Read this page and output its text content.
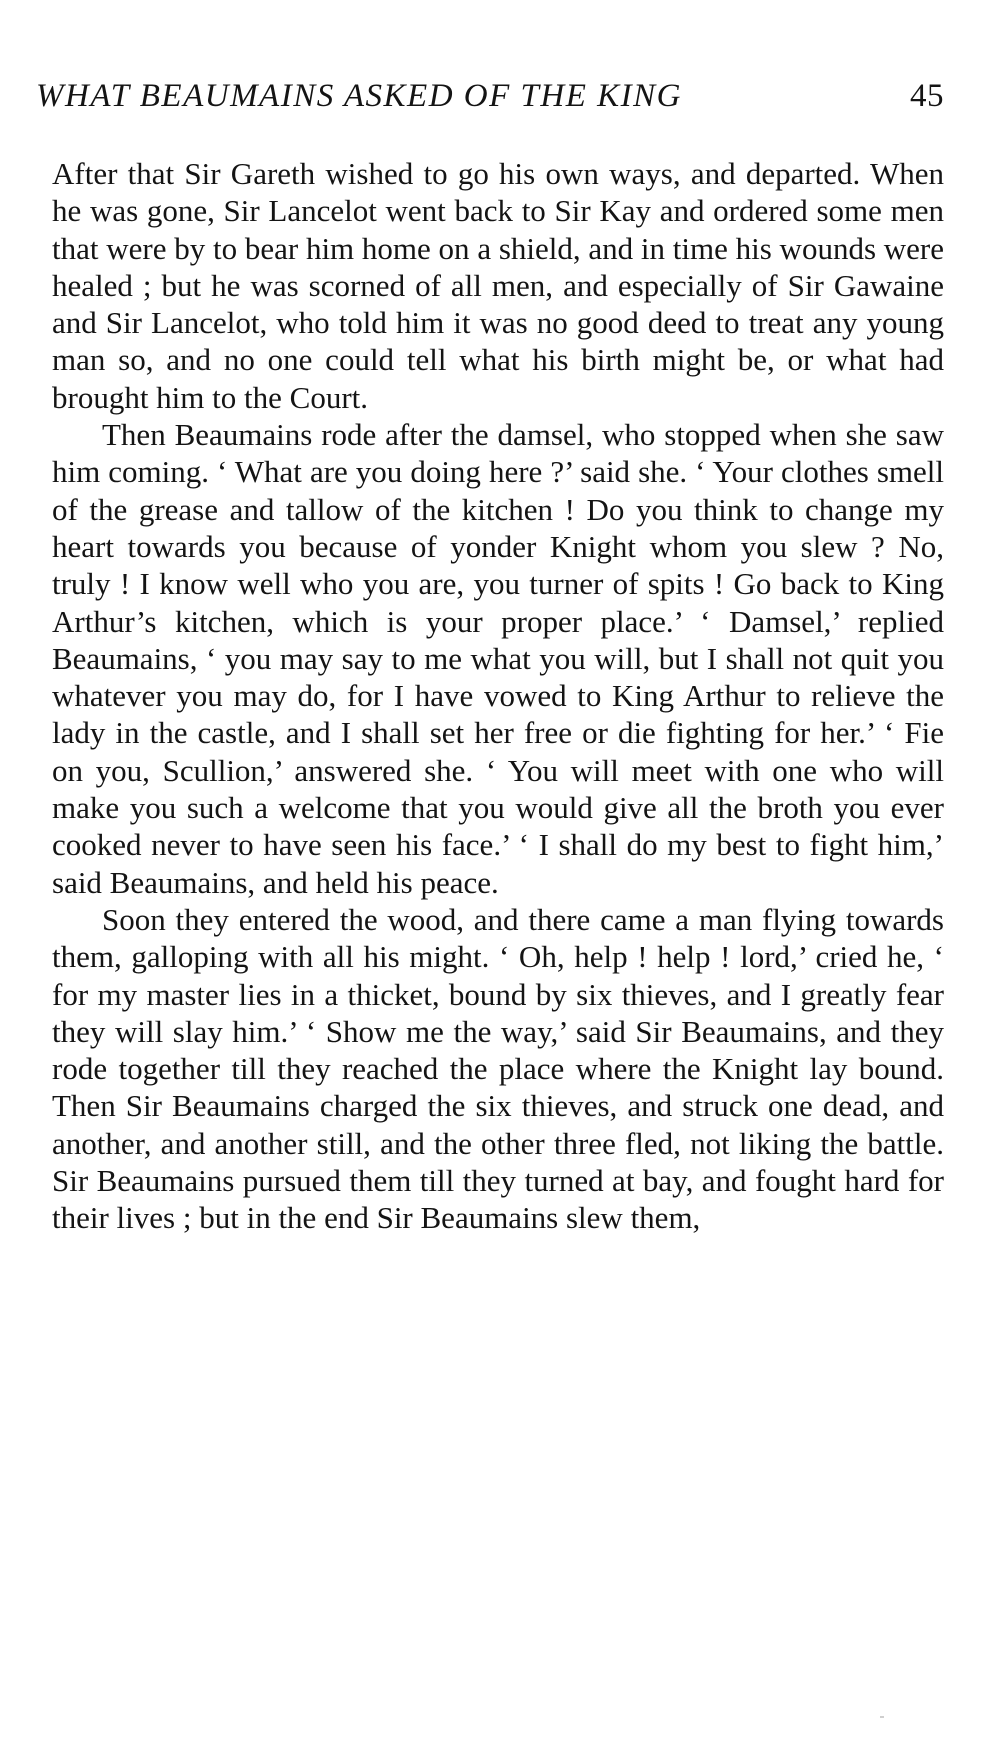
WHAT BEAUMAINS ASKED OF THE KING	45

After that Sir Gareth wished to go his own ways, and departed. When he was gone, Sir Lancelot went back to Sir Kay and ordered some men that were by to bear him home on a shield, and in time his wounds were healed ; but he was scorned of all men, and especially of Sir Gawaine and Sir Lancelot, who told him it was no good deed to treat any young man so, and no one could tell what his birth might be, or what had brought him to the Court.

Then Beaumains rode after the damsel, who stopped when she saw him coming. ‘ What are you doing here ?’ said she. ‘ Your clothes smell of the grease and tallow of the kitchen ! Do you think to change my heart towards you because of yonder Knight whom you slew ? No, truly ! I know well who you are, you turner of spits ! Go back to King Arthur’s kitchen, which is your proper place.’ ‘ Damsel,’ replied Beaumains, ‘ you may say to me what you will, but I shall not quit you whatever you may do, for I have vowed to King Arthur to relieve the lady in the castle, and I shall set her free or die fighting for her.’ ‘ Fie on you, Scullion,’ answered she. ‘ You will meet with one who will make you such a welcome that you would give all the broth you ever cooked never to have seen his face.’ ‘ I shall do my best to fight him,’ said Beaumains, and held his peace.

Soon they entered the wood, and there came a man flying towards them, galloping with all his might. ‘ Oh, help ! help ! lord,’ cried he, ‘ for my master lies in a thicket, bound by six thieves, and I greatly fear they will slay him.’ ‘ Show me the way,’ said Sir Beaumains, and they rode together till they reached the place where the Knight lay bound. Then Sir Beaumains charged the six thieves, and struck one dead, and another, and another still, and the other three fled, not liking the battle. Sir Beaumains pursued them till they turned at bay, and fought hard for their lives ; but in the end Sir Beaumains slew them,
